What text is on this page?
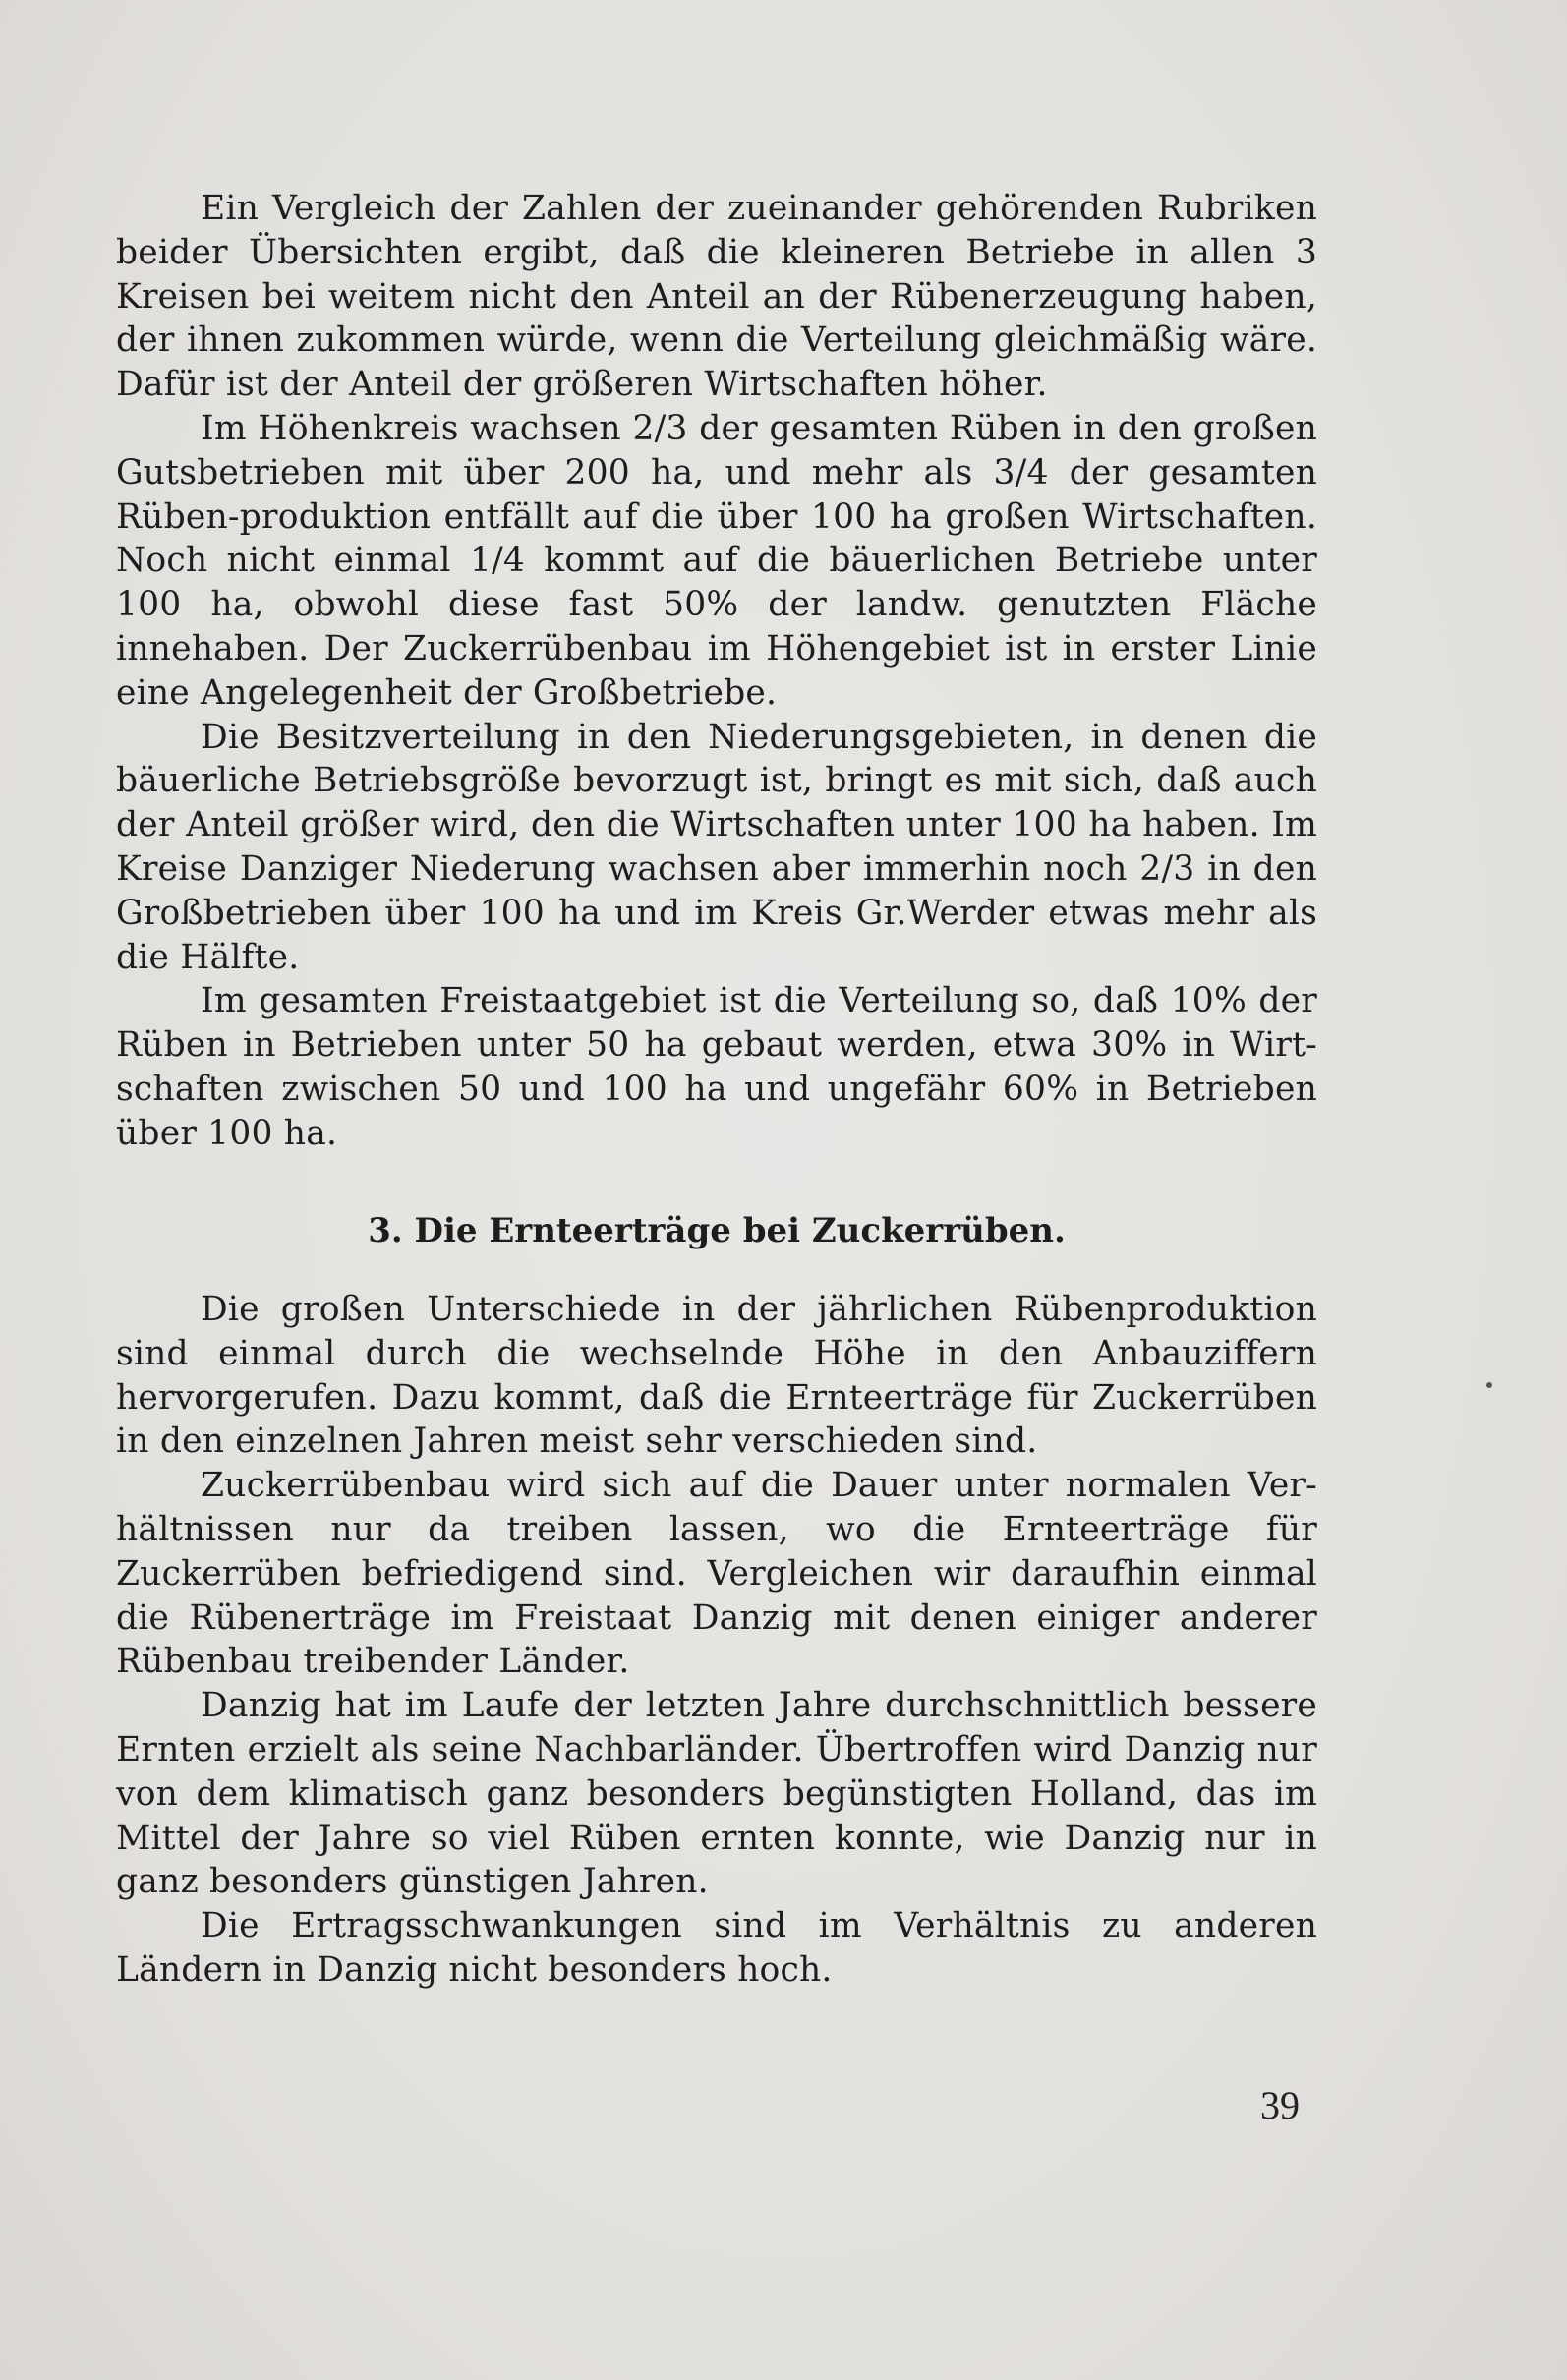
Ein Vergleich der Zahlen der zueinander gehörenden Rubriken beider Übersichten ergibt, daß die kleineren Betriebe in allen 3 Kreisen bei weitem nicht den Anteil an der Rübenerzeugung haben, der ihnen zukommen würde, wenn die Verteilung gleichmäßig wäre. Dafür ist der Anteil der größeren Wirtschaften höher.

Im Höhenkreis wachsen 2/3 der gesamten Rüben in den großen Gutsbetrieben mit über 200 ha, und mehr als 3/4 der gesamten Rüben-produktion entfällt auf die über 100 ha großen Wirtschaften. Noch nicht einmal 1/4 kommt auf die bäuerlichen Betriebe unter 100 ha, obwohl diese fast 50% der landw. genutzten Fläche innehaben. Der Zuckerrübenbau im Höhengebiet ist in erster Linie eine Angelegenheit der Großbetriebe.

Die Besitzverteilung in den Niederungsgebieten, in denen die bäuerliche Betriebsgröße bevorzugt ist, bringt es mit sich, daß auch der Anteil größer wird, den die Wirtschaften unter 100 ha haben. Im Kreise Danziger Niederung wachsen aber immerhin noch 2/3 in den Großbetrieben über 100 ha und im Kreis Gr.Werder etwas mehr als die Hälfte.

Im gesamten Freistaatgebiet ist die Verteilung so, daß 10% der Rüben in Betrieben unter 50 ha gebaut werden, etwa 30% in Wirt-schaften zwischen 50 und 100 ha und ungefähr 60% in Betrieben über 100 ha.

3. Die Ernteerträge bei Zuckerrüben.

Die großen Unterschiede in der jährlichen Rübenproduktion sind einmal durch die wechselnde Höhe in den Anbauziffern hervorgerufen. Dazu kommt, daß die Ernteerträge für Zuckerrüben in den einzelnen Jahren meist sehr verschieden sind.

Zuckerrübenbau wird sich auf die Dauer unter normalen Ver-hältnissen nur da treiben lassen, wo die Ernteerträge für Zuckerrüben befriedigend sind. Vergleichen wir daraufhin einmal die Rübenerträge im Freistaat Danzig mit denen einiger anderer Rübenbau treibender Länder.

Danzig hat im Laufe der letzten Jahre durchschnittlich bessere Ernten erzielt als seine Nachbarländer. Übertroffen wird Danzig nur von dem klimatisch ganz besonders begünstigten Holland, das im Mittel der Jahre so viel Rüben ernten konnte, wie Danzig nur in ganz besonders günstigen Jahren.

Die Ertragsschwankungen sind im Verhältnis zu anderen Ländern in Danzig nicht besonders hoch.

39
